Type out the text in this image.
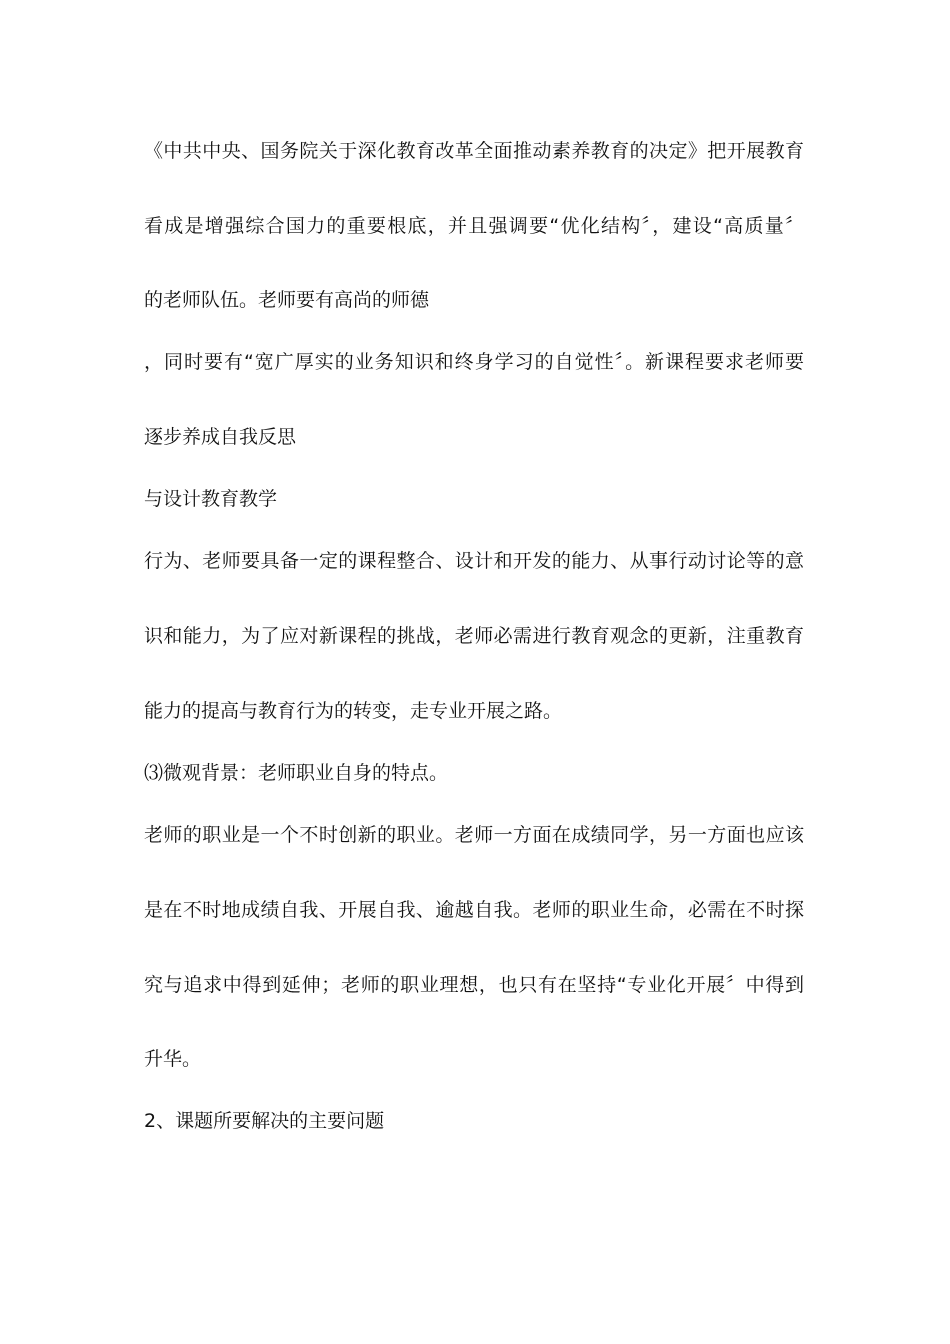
《中共中央、国务院关于深化教育改革全面推动素养教育的决定》把开展教育
看成是增强综合国力的重要根底，并且强调要“优化结构〞，建设“高质量〞
的老师队伍。老师要有高尚的师德
，同时要有“宽广厚实的业务知识和终身学习的自觉性〞。新课程要求老师要
逐步养成自我反思
与设计教育教学
行为、老师要具备一定的课程整合、设计和开发的能力、从事行动讨论等的意
识和能力，为了应对新课程的挑战，老师必需进行教育观念的更新，注重教育
能力的提高与教育行为的转变，走专业开展之路。
⑶微观背景：老师职业自身的特点。
老师的职业是一个不时创新的职业。老师一方面在成绩同学，另一方面也应该
是在不时地成绩自我、开展自我、逾越自我。老师的职业生命，必需在不时探
究与追求中得到延伸；老师的职业理想，也只有在坚持“专业化开展〞中得到
升华。
2、课题所要解决的主要问题
